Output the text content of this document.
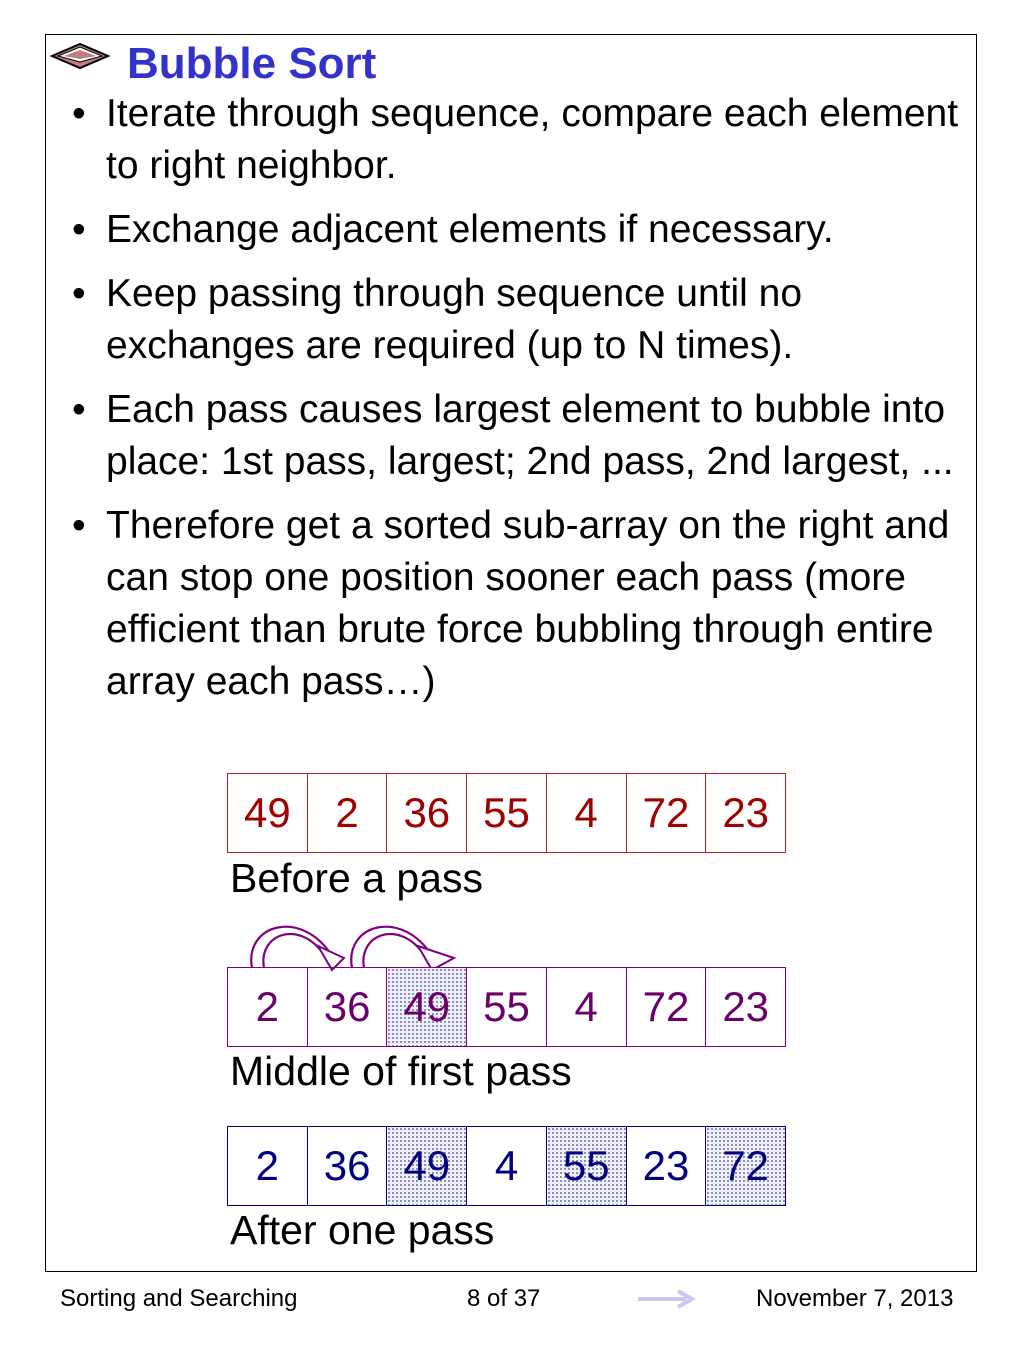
Bubble Sort
• Iterate through sequence, compare each element to right neighbor.
• Exchange adjacent elements if necessary.
• Keep passing through sequence until no exchanges are required (up to N times).
• Each pass causes largest element to bubble into place: 1st pass, largest; 2nd pass, 2nd largest, ...
• Therefore get a sorted sub-array on the right and can stop one position sooner each pass (more efficient than brute force bubbling through entire array each pass…)
49	2	36 55	4	72 23

Before a pass

2	36 49 55	4	72 23

Middle of first pass

2	36 49	4	55 23 72

After one pass

Sorting and Searching	8 of 37	November 7, 2013
